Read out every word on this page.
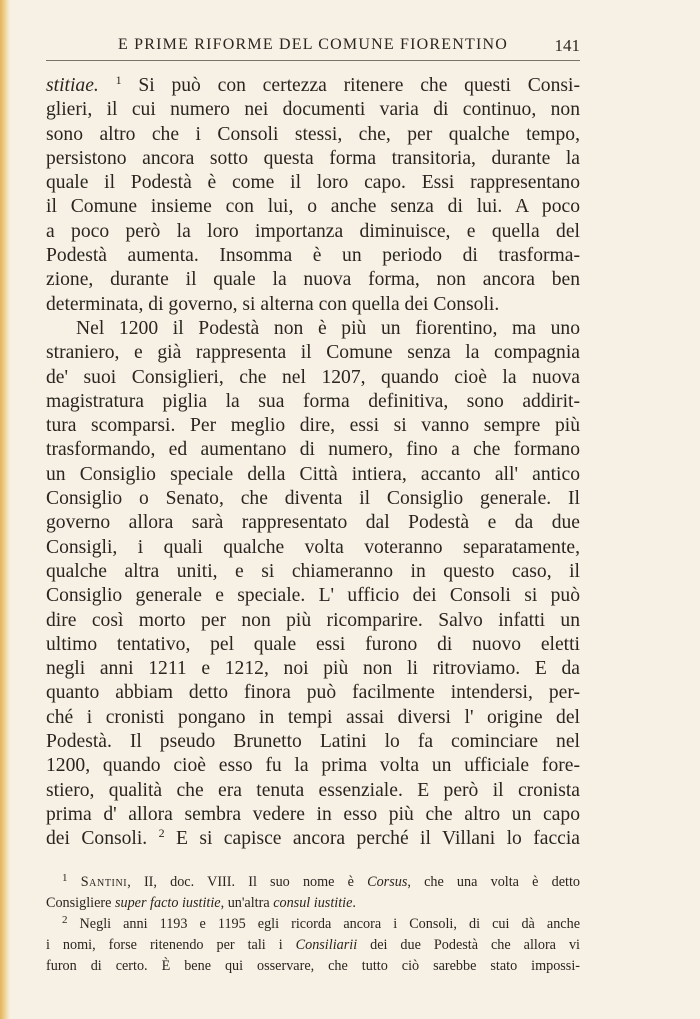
E PRIME RIFORME DEL COMUNE FIORENTINO	141
stitiae. $^1$ Si può con certezza ritenere che questi Consi-
glieri, il cui numero nei documenti varia di continuo, non
sono altro che i Consoli stessi, che, per qualche tempo,
persistono ancora sotto questa forma transitoria, durante la
quale il Podestà è come il loro capo. Essi rappresentano
il Comune insieme con lui, o anche senza di lui. A poco
a poco però la loro importanza diminuisce, e quella del
Podestà aumenta. Insomma è un periodo di trasforma-
zione, durante il quale la nuova forma, non ancora ben
determinata, di governo, si alterna con quella dei Consoli.
Nel 1200 il Podestà non è più un fiorentino, ma uno
straniero, e già rappresenta il Comune senza la compagnia
de' suoi Consiglieri, che nel 1207, quando cioè la nuova
magistratura piglia la sua forma definitiva, sono addirit-
tura scomparsi. Per meglio dire, essi si vanno sempre più
trasformando, ed aumentano di numero, fino a che formano
un Consiglio speciale della Città intiera, accanto all' antico
Consiglio o Senato, che diventa il Consiglio generale. Il
governo allora sarà rappresentato dal Podestà e da due
Consigli, i quali qualche volta voteranno separatamente,
qualche altra uniti, e si chiameranno in questo caso, il
Consiglio generale e speciale. L' ufficio dei Consoli si può
dire così morto per non più ricomparire. Salvo infatti un
ultimo tentativo, pel quale essi furono di nuovo eletti
negli anni 1211 e 1212, noi più non li ritroviamo. E da
quanto abbiam detto finora può facilmente intendersi, per-
ché i cronisti pongano in tempi assai diversi l' origine del
Podestà. Il pseudo Brunetto Latini lo fa cominciare nel
1200, quando cioè esso fu la prima volta un ufficiale fore-
stiero, qualità che era tenuta essenziale. E però il cronista
prima d' allora sembra vedere in esso più che altro un capo
dei Consoli. $^2$ E si capisce ancora perché il Villani lo faccia
$^1$ Santini, II, doc. VIII. Il suo nome è Corsus, che una volta è detto
Consigliere super facto iustitie, un'altra consul iustitie.
$^2$ Negli anni 1193 e 1195 egli ricorda ancora i Consoli, di cui dà anche
i nomi, forse ritenendo per tali i Consiliarii dei due Podestà che allora vi
furon di certo. È bene qui osservare, che tutto ciò sarebbe stato impossi-
